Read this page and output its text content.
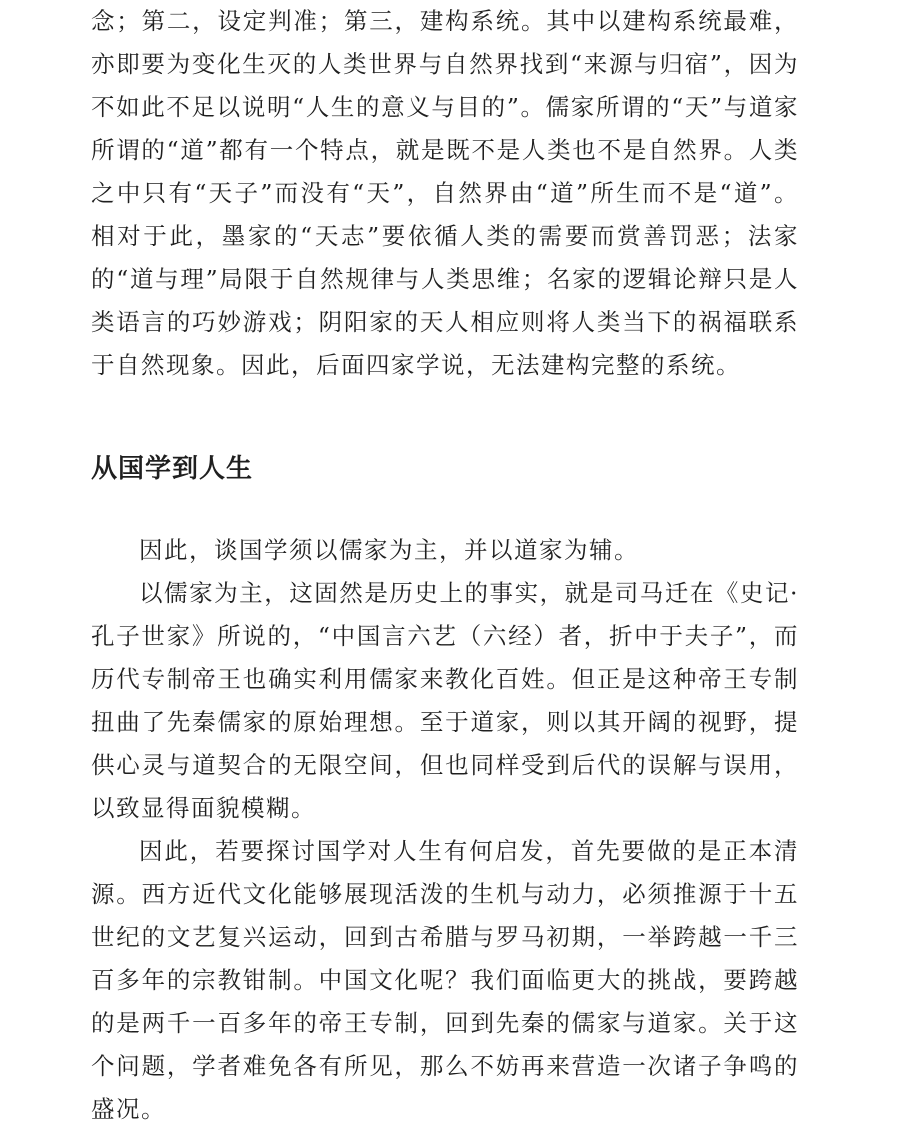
念；第二，设定判准；第三，建构系统。其中以建构系统最难，亦即要为变化生灭的人类世界与自然界找到“来源与归宿”，因为不如此不足以说明“人生的意义与目的”。儒家所谓的“天”与道家所谓的“道”都有一个特点，就是既不是人类也不是自然界。人类之中只有“天子”而没有“天”，自然界由“道”所生而不是“道”。相对于此，墨家的“天志”要依循人类的需要而赏善罚恶；法家的“道与理”局限于自然规律与人类思维；名家的逻辑论辩只是人类语言的巧妙游戏；阴阳家的天人相应则将人类当下的祸福联系于自然现象。因此，后面四家学说，无法建构完整的系统。

从国学到人生

因此，谈国学须以儒家为主，并以道家为辅。

以儒家为主，这固然是历史上的事实，就是司马迁在《史记·孔子世家》所说的，“中国言六艺（六经）者，折中于夫子”，而历代专制帝王也确实利用儒家来教化百姓。但正是这种帝王专制扭曲了先秦儒家的原始理想。至于道家，则以其开阔的视野，提供心灵与道契合的无限空间，但也同样受到后代的误解与误用，以致显得面貌模糊。

因此，若要探讨国学对人生有何启发，首先要做的是正本清源。西方近代文化能够展现活泼的生机与动力，必须推源于十五世纪的文艺复兴运动，回到古希腊与罗马初期，一举跨越一千三百多年的宗教钳制。中国文化呢？我们面临更大的挑战，要跨越的是两千一百多年的帝王专制，回到先秦的儒家与道家。关于这个问题，学者难免各有所见，那么不妨再来营造一次诸子争鸣的盛况。
